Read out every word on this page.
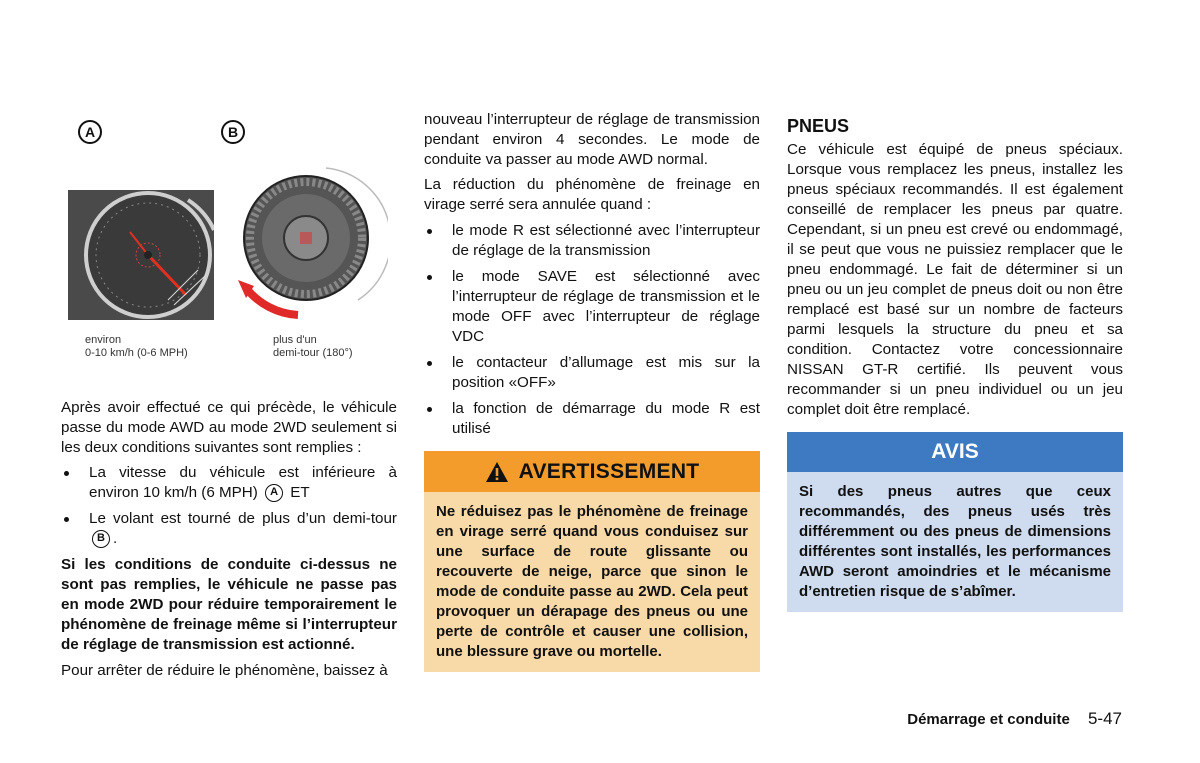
A	B
environ
0-10 km/h (0-6 MPH)
plus d'un
demi-tour (180°)

Après avoir effectué ce qui précède, le véhicule passe du mode AWD au mode 2WD seulement si les deux conditions suivantes sont remplies :

La vitesse du véhicule est inférieure à environ 10 km/h (6 MPH) A ET
Le volant est tourné de plus d’un demi-tour B .

Si les conditions de conduite ci-dessus ne sont pas remplies, le véhicule ne passe pas en mode 2WD pour réduire temporairement le phénomène de freinage même si l’interrupteur de réglage de transmission est actionné.

Pour arrêter de réduire le phénomène, baissez à

nouveau l’interrupteur de réglage de transmission pendant environ 4 secondes. Le mode de conduite va passer au mode AWD normal.

La réduction du phénomène de freinage en virage serré sera annulée quand :

le mode R est sélectionné avec l’interrupteur de réglage de la transmission
le mode SAVE est sélectionné avec l’interrupteur de réglage de transmission et le mode OFF avec l’interrupteur de réglage VDC
le contacteur d’allumage est mis sur la position «OFF»
la fonction de démarrage du mode R est utilisé
AVERTISSEMENT
Ne réduisez pas le phénomène de freinage en virage serré quand vous conduisez sur une surface de route glissante ou recouverte de neige, parce que sinon le mode de conduite passe au 2WD. Cela peut provoquer un dérapage des pneus ou une perte de contrôle et causer une collision, une blessure grave ou mortelle.
PNEUS

Ce véhicule est équipé de pneus spéciaux. Lorsque vous remplacez les pneus, installez les pneus spéciaux recommandés. Il est également conseillé de remplacer les pneus par quatre. Cependant, si un pneu est crevé ou endommagé, il se peut que vous ne puissiez remplacer que le pneu endommagé. Le fait de déterminer si un pneu ou un jeu complet de pneus doit ou non être remplacé est basé sur un nombre de facteurs parmi lesquels la structure du pneu et sa condition. Contactez votre concessionnaire NISSAN GT-R certifié. Ils peuvent vous recommander si un pneu individuel ou un jeu complet doit être remplacé.

AVIS
Si des pneus autres que ceux recommandés, des pneus usés très différemment ou des pneus de dimensions différentes sont installés, les performances AWD seront amoindries et le mécanisme d’entretien risque de s’abîmer.
Démarrage et conduite 5-47
